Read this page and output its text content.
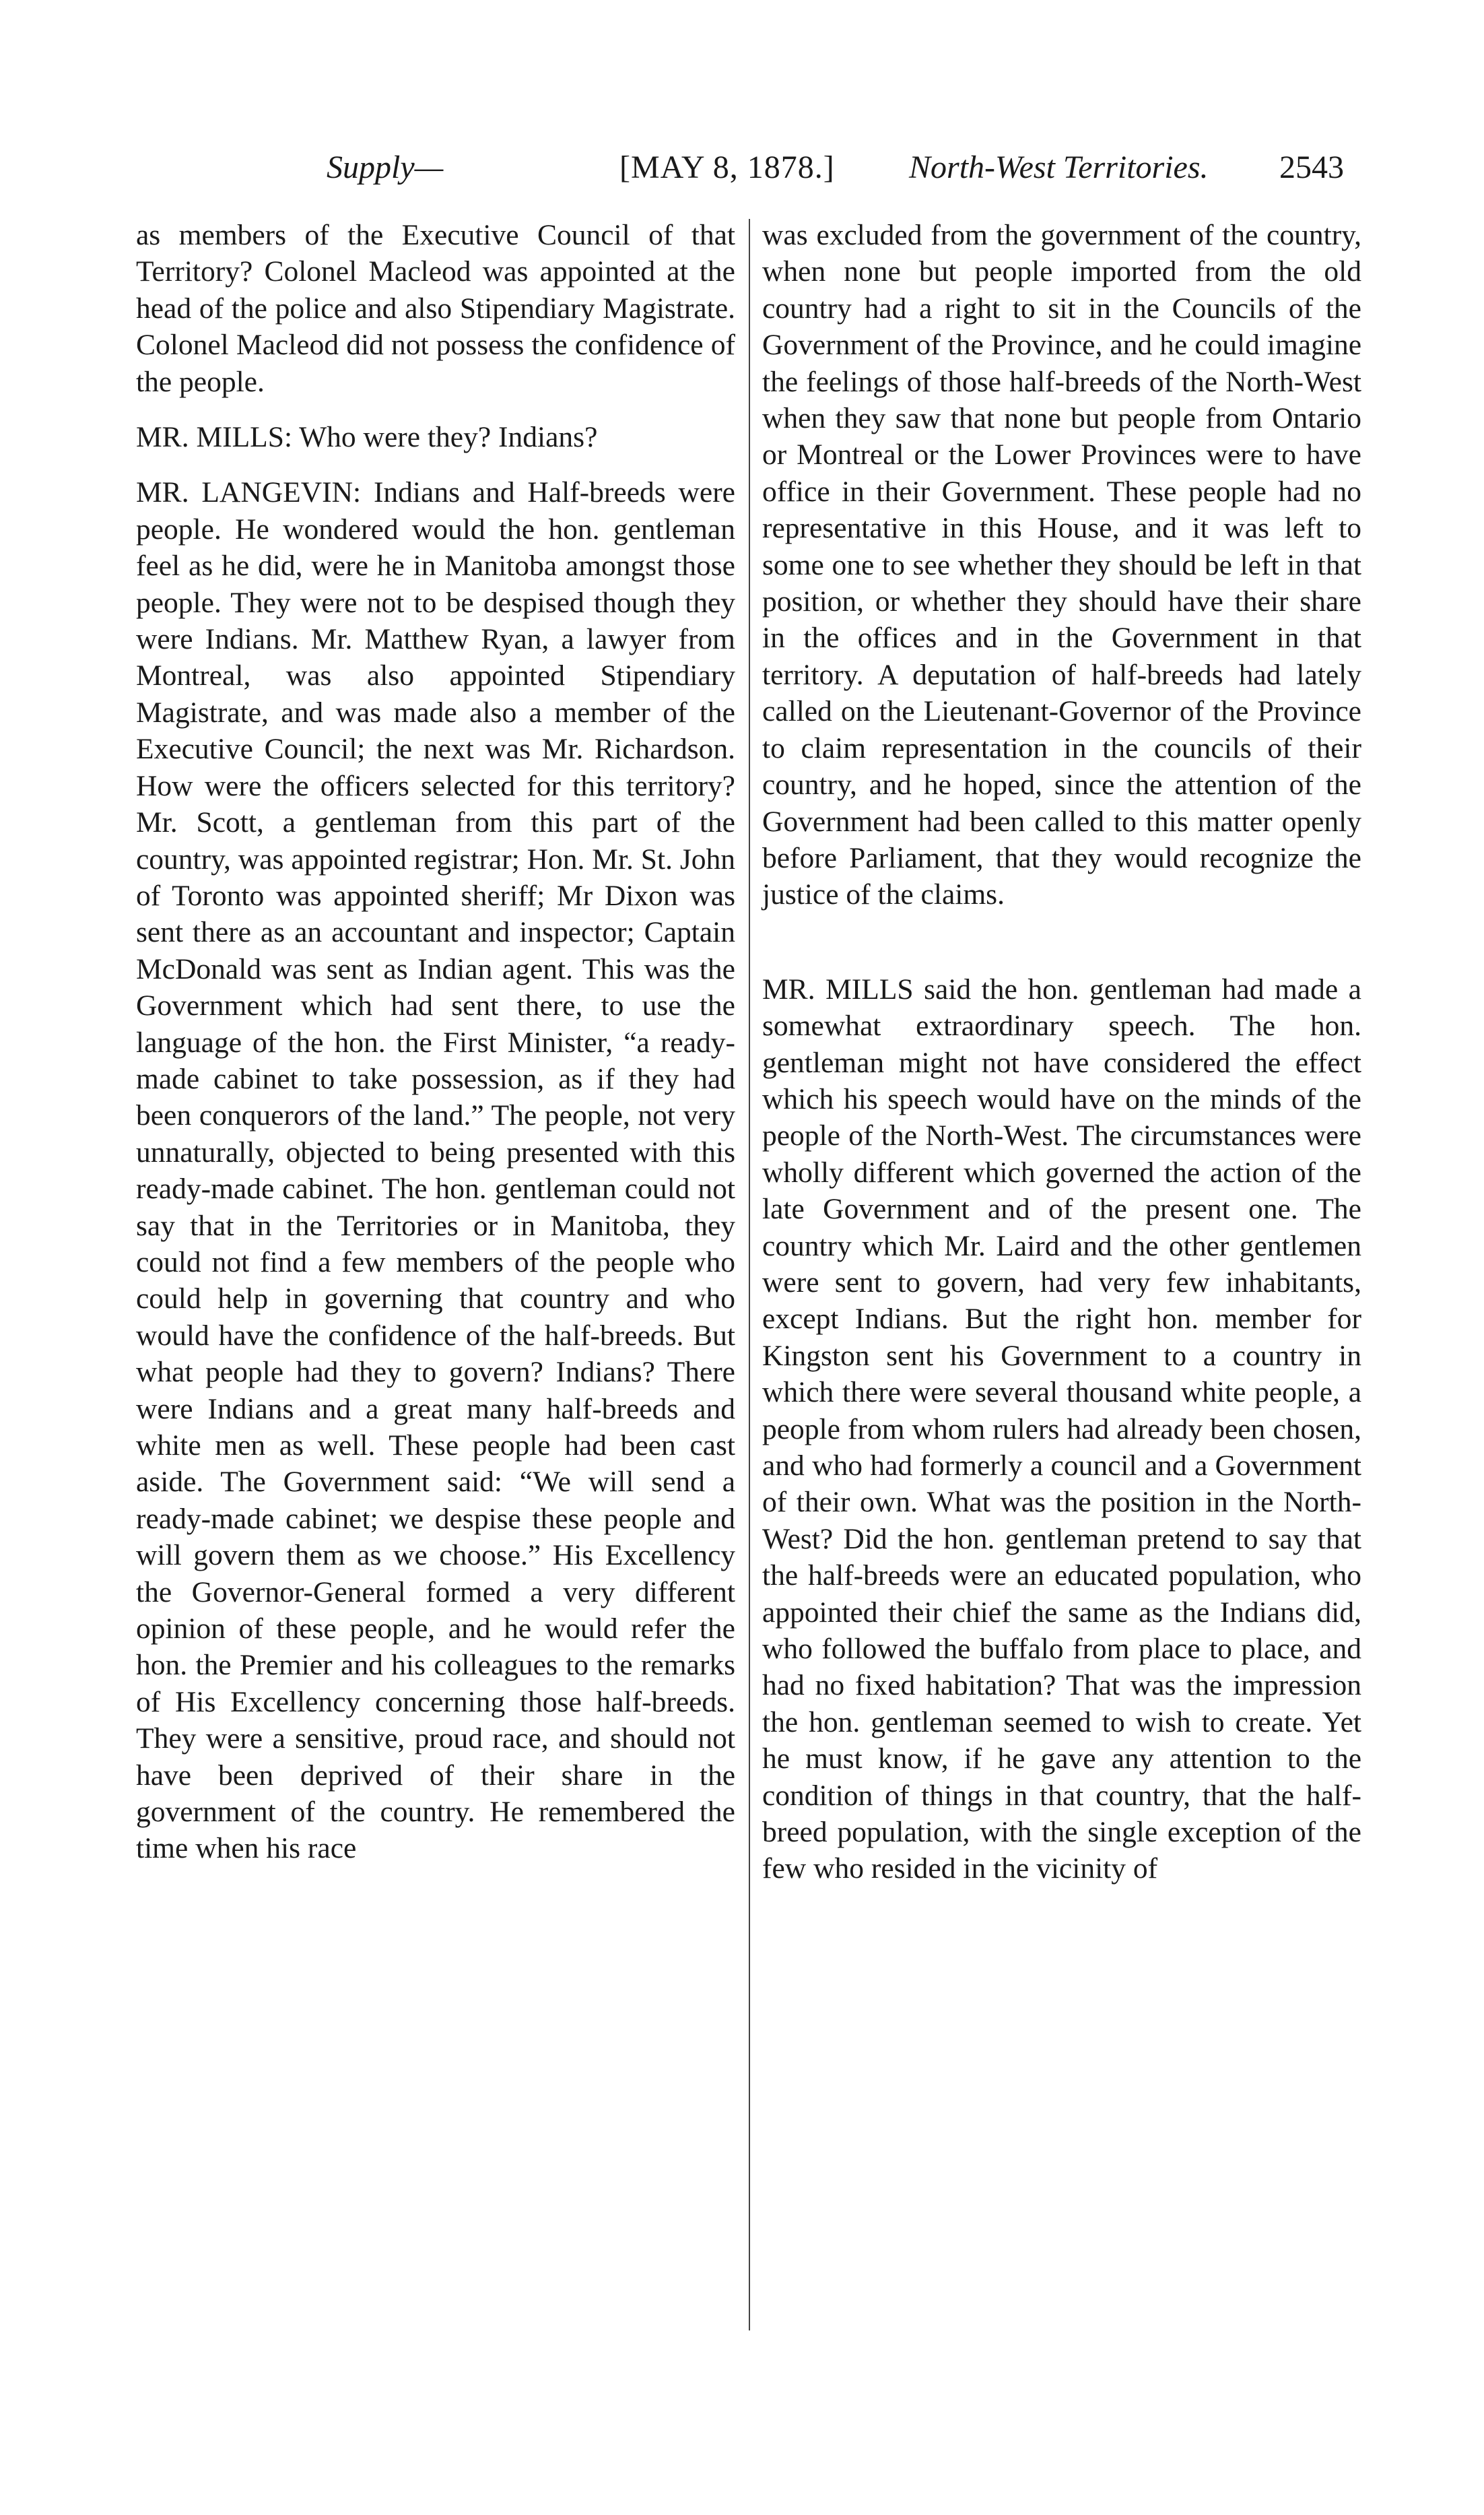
Supply—	[MAY 8, 1878.] North-West Territories. 2543

as members of the Executive Council of that Territory? Colonel Macleod was appointed at the head of the police and also Stipendiary Magistrate. Colonel Macleod did not possess the confidence of the people.

MR. MILLS: Who were they? Indians?

MR. LANGEVIN: Indians and Half-breeds were people. He wondered would the hon. gentleman feel as he did, were he in Manitoba amongst those people. They were not to be despised though they were Indians. Mr. Matthew Ryan, a lawyer from Montreal, was also appointed Stipendiary Magistrate, and was made also a member of the Executive Council; the next was Mr. Richardson. How were the officers selected for this territory? Mr. Scott, a gentleman from this part of the country, was appointed registrar; Hon. Mr. St. John of Toronto was appointed sheriff; Mr Dixon was sent there as an accountant and inspector; Captain McDonald was sent as Indian agent. This was the Government which had sent there, to use the language of the hon. the First Minister, “a ready-made cabinet to take possession, as if they had been conquerors of the land.” The people, not very unnaturally, objected to being presented with this ready-made cabinet. The hon. gentleman could not say that in the Territories or in Manitoba, they could not find a few members of the people who could help in governing that country and who would have the confidence of the half-breeds. But what people had they to govern? Indians? There were Indians and a great many half-breeds and white men as well. These people had been cast aside. The Government said: “We will send a ready-made cabinet; we despise these people and will govern them as we choose.” His Excellency the Governor-General formed a very different opinion of these people, and he would refer the hon. the Premier and his colleagues to the remarks of His Excellency concerning those half-breeds. They were a sensitive, proud race, and should not have been deprived of their share in the government of the country. He remembered the time when his race

was excluded from the government of the country, when none but people imported from the old country had a right to sit in the Councils of the Government of the Province, and he could imagine the feelings of those half-breeds of the North-West when they saw that none but people from Ontario or Montreal or the Lower Provinces were to have office in their Government. These people had no representative in this House, and it was left to some one to see whether they should be left in that position, or whether they should have their share in the offices and in the Government in that territory. A deputation of half-breeds had lately called on the Lieutenant-Governor of the Province to claim representation in the councils of their country, and he hoped, since the attention of the Government had been called to this matter openly before Parliament, that they would recognize the justice of the claims.

MR. MILLS said the hon. gentleman had made a somewhat extraordinary speech. The hon. gentleman might not have considered the effect which his speech would have on the minds of the people of the North-West. The circumstances were wholly different which governed the action of the late Government and of the present one. The country which Mr. Laird and the other gentlemen were sent to govern, had very few inhabitants, except Indians. But the right hon. member for Kingston sent his Government to a country in which there were several thousand white people, a people from whom rulers had already been chosen, and who had formerly a council and a Government of their own. What was the position in the North-West? Did the hon. gentleman pretend to say that the half-breeds were an educated population, who appointed their chief the same as the Indians did, who followed the buffalo from place to place, and had no fixed habitation? That was the impression the hon. gentleman seemed to wish to create. Yet he must know, if he gave any attention to the condition of things in that country, that the half-breed population, with the single exception of the few who resided in the vicinity of
